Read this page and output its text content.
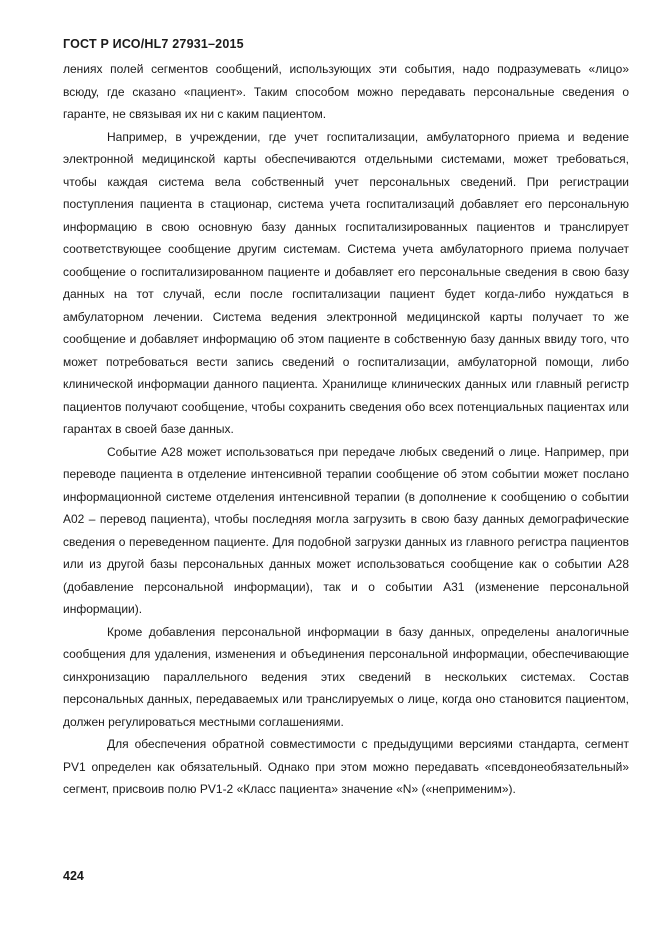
ГОСТ Р ИСО/HL7 27931–2015

лениях полей сегментов сообщений, использующих эти события, надо подразумевать «лицо» всюду, где сказано «пациент». Таким способом можно передавать персональные сведения о гаранте, не связывая их ни с каким пациентом.

Например, в учреждении, где учет госпитализации, амбулаторного приема и ведение электронной медицинской карты обеспечиваются отдельными системами, может требоваться, чтобы каждая система вела собственный учет персональных сведений. При регистрации поступления пациента в стационар, система учета госпитализаций добавляет его персональную информацию в свою основную базу данных госпитализированных пациентов и транслирует соответствующее сообщение другим системам. Система учета амбулаторного приема получает сообщение о госпитализированном пациенте и добавляет его персональные сведения в свою базу данных на тот случай, если после госпитализации пациент будет когда-либо нуждаться в амбулаторном лечении. Система ведения электронной медицинской карты получает то же сообщение и добавляет информацию об этом пациенте в собственную базу данных ввиду того, что может потребоваться вести запись сведений о госпитализации, амбулаторной помощи, либо клинической информации данного пациента. Хранилище клинических данных или главный регистр пациентов получают сообщение, чтобы сохранить сведения обо всех потенциальных пациентах или гарантах в своей базе данных.

Событие А28 может использоваться при передаче любых сведений о лице. Например, при переводе пациента в отделение интенсивной терапии сообщение об этом событии может послано информационной системе отделения интенсивной терапии (в дополнение к сообщению о событии А02 – перевод пациента), чтобы последняя могла загрузить в свою базу данных демографические сведения о переведенном пациенте. Для подобной загрузки данных из главного регистра пациентов или из другой базы персональных данных может использоваться сообщение как о событии А28 (добавление персональной информации), так и о событии А31 (изменение персональной информации).

Кроме добавления персональной информации в базу данных, определены аналогичные сообщения для удаления, изменения и объединения персональной информации, обеспечивающие синхронизацию параллельного ведения этих сведений в нескольких системах. Состав персональных данных, передаваемых или транслируемых о лице, когда оно становится пациентом, должен регулироваться местными соглашениями.

Для обеспечения обратной совместимости с предыдущими версиями стандарта, сегмент PV1 определен как обязательный. Однако при этом можно передавать «псевдонеобязательный» сегмент, присвоив полю PV1-2 «Класс пациента» значение «N» («неприменим»).

424
